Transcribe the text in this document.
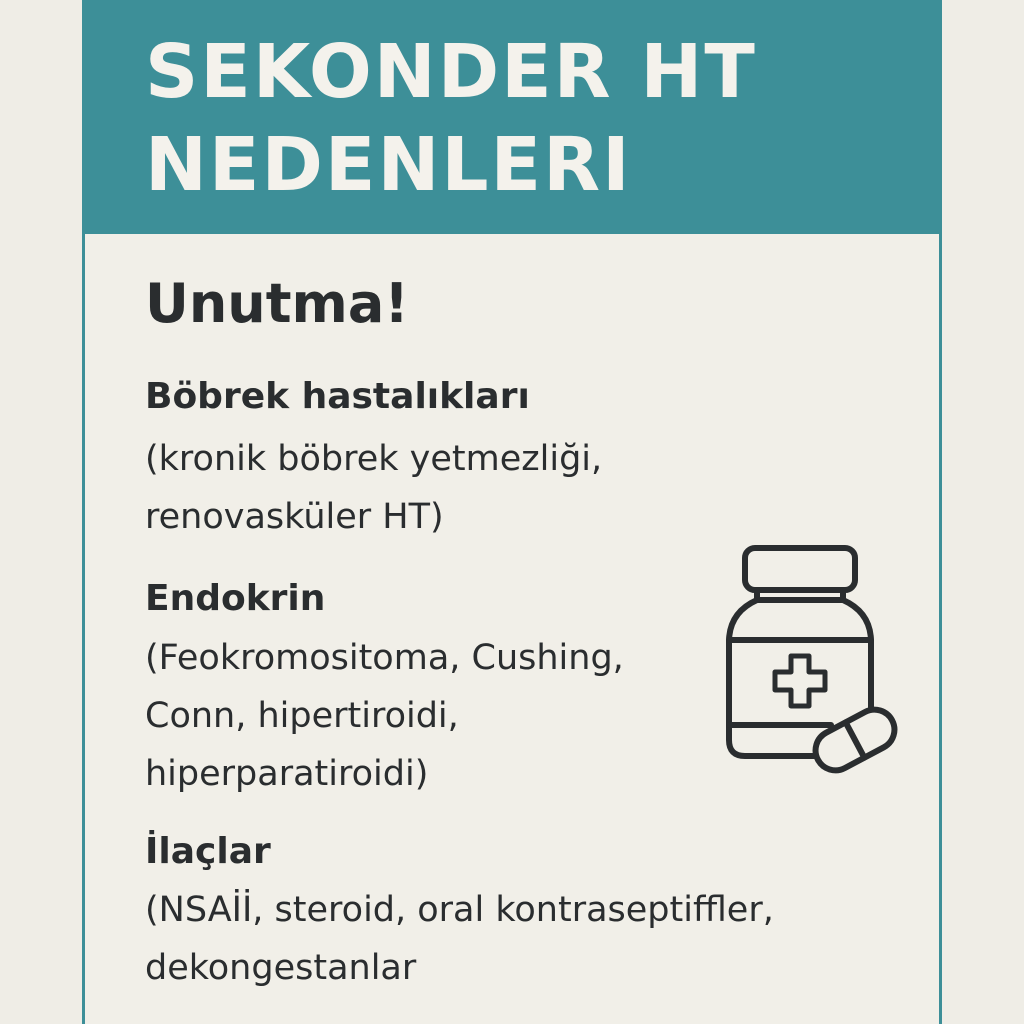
SEKONDER HT
NEDENLERI
Unutma!
Böbrek hastalıkları
(kronik böbrek yetmezliği,
renovasküler HT)
Endokrin
(Feokromositoma, Cushing,
Conn, hipertiroidi,
hiperparatiroidi)
İlaçlar
(NSAİİ, steroid, oral kontraseptiffler,
dekongestanlar
